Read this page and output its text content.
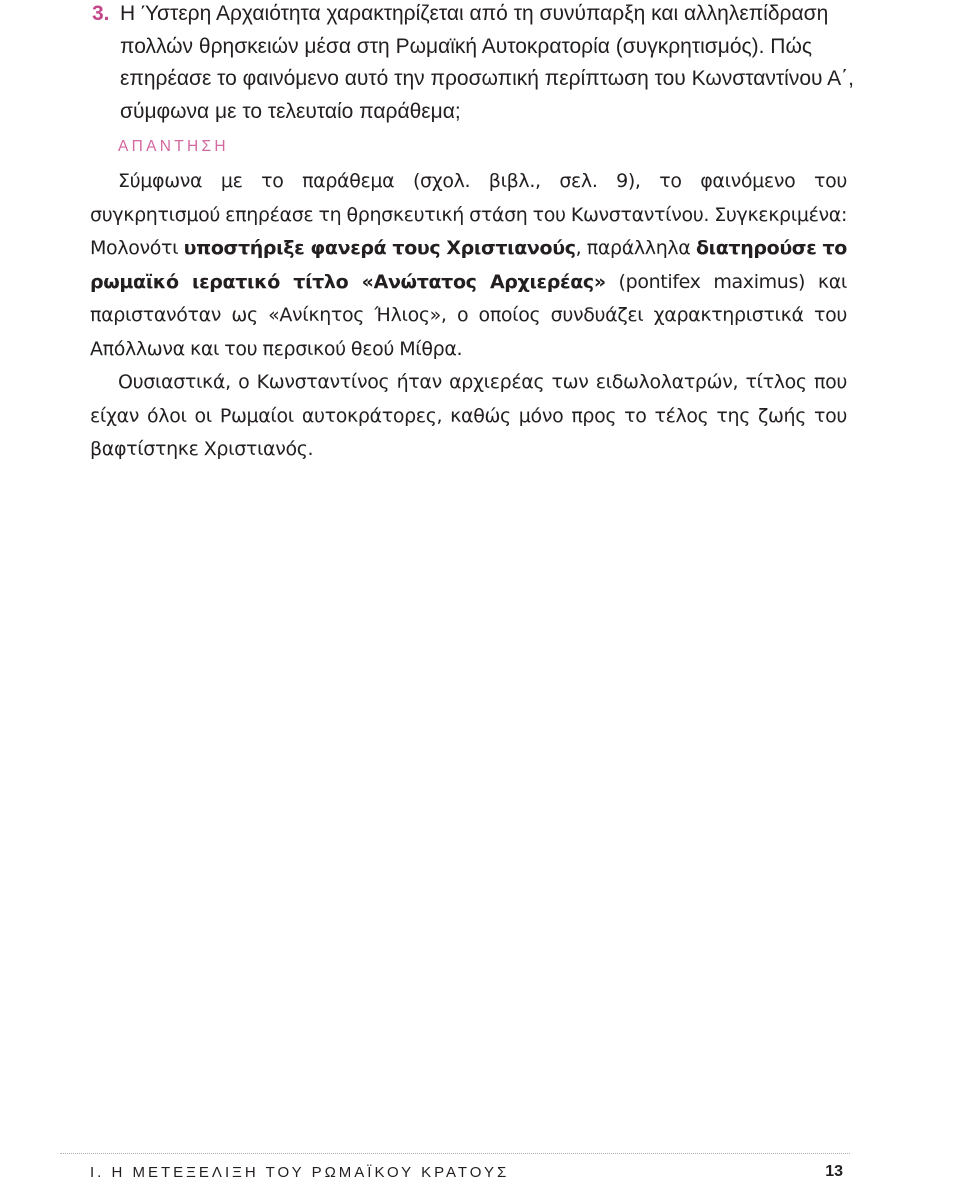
3. Η Ύστερη Αρχαιότητα χαρακτηρίζεται από τη συνύπαρξη και αλληλεπίδραση πολλών θρησκειών μέσα στη Ρωμαϊκή Αυτοκρατορία (συγκρητισμός). Πώς επηρέασε το φαινόμενο αυτό την προσωπική περίπτωση του Κωνσταντίνου Α΄, σύμφωνα με το τελευταίο παράθεμα;
ΑΠΑΝΤΗΣΗ

Σύμφωνα με το παράθεμα (σχολ. βιβλ., σελ. 9), το φαινόμενο του συγκρητισμού επηρέασε τη θρησκευτική στάση του Κωνσταντίνου. Συγκεκριμένα: Μολονότι υποστήριξε φανερά τους Χριστιανούς, παράλληλα διατηρούσε το ρωμαϊκό ιερατικό τίτλο «Ανώτατος Αρχιερέας» (pontifex maximus) και παριστανόταν ως «Ανίκητος Ήλιος», ο οποίος συνδυάζει χαρακτηριστικά του Απόλλωνα και του περσικού θεού Μίθρα.

Ουσιαστικά, ο Κωνσταντίνος ήταν αρχιερέας των ειδωλολατρών, τίτλος που είχαν όλοι οι Ρωμαίοι αυτοκράτορες, καθώς μόνο προς το τέλος της ζωής του βαφτίστηκε Χριστιανός.

Ι. Η ΜΕΤΕΞΕΛΙΞΗ ΤΟΥ ΡΩΜΑΪΚΟΥ ΚΡΑΤΟΥΣ	13
